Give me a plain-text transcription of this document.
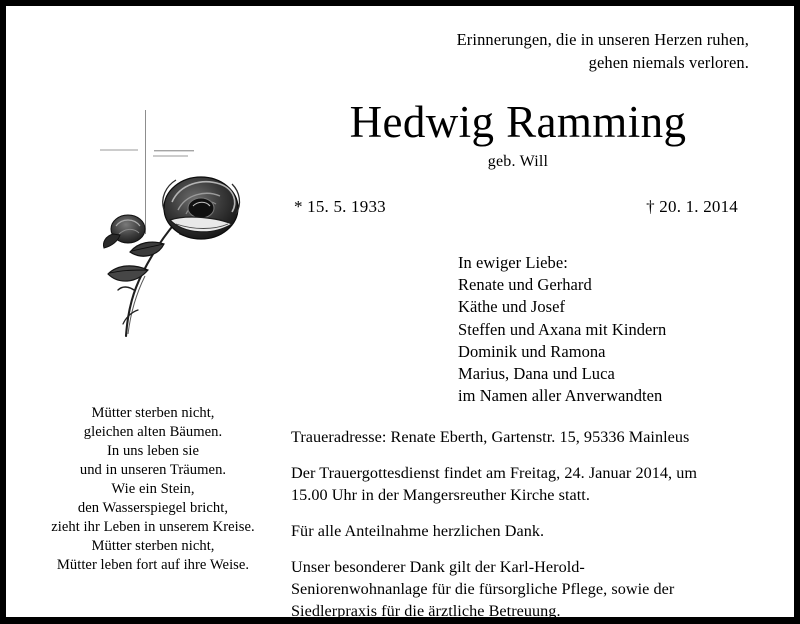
Erinnerungen, die in unseren Herzen ruhen,
gehen niemals verloren.
Hedwig Ramming
geb. Will
* 15. 5. 1933	† 20. 1. 2014
In ewiger Liebe:
Renate und Gerhard
Käthe und Josef
Steffen und Axana mit Kindern
Dominik und Ramona
Marius, Dana und Luca
im Namen aller Anverwandten
Mütter sterben nicht,
gleichen alten Bäumen.
In uns leben sie
und in unseren Träumen.
Wie ein Stein,
den Wasserspiegel bricht,
zieht ihr Leben in unserem Kreise.
Mütter sterben nicht,
Mütter leben fort auf ihre Weise.
Traueradresse: Renate Eberth, Gartenstr. 15, 95336 Mainleus
Der Trauergottesdienst findet am Freitag, 24. Januar 2014, um 15.00 Uhr in der Mangersreuther Kirche statt.
Für alle Anteilnahme herzlichen Dank.
Unser besonderer Dank gilt der Karl-Herold-Seniorenwohnanlage für die fürsorgliche Pflege, sowie der Siedlerpraxis für die ärztliche Betreuung.
